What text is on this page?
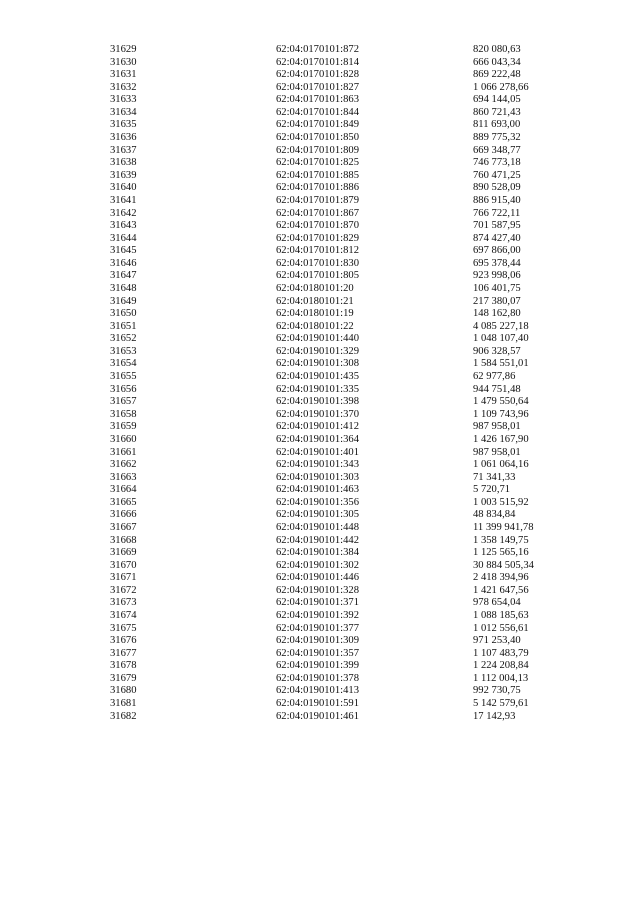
31629	62:04:0170101:872	820 080,63
31630	62:04:0170101:814	666 043,34
31631	62:04:0170101:828	869 222,48
31632	62:04:0170101:827	1 066 278,66
31633	62:04:0170101:863	694 144,05
31634	62:04:0170101:844	860 721,43
31635	62:04:0170101:849	811 693,00
31636	62:04:0170101:850	889 775,32
31637	62:04:0170101:809	669 348,77
31638	62:04:0170101:825	746 773,18
31639	62:04:0170101:885	760 471,25
31640	62:04:0170101:886	890 528,09
31641	62:04:0170101:879	886 915,40
31642	62:04:0170101:867	766 722,11
31643	62:04:0170101:870	701 587,95
31644	62:04:0170101:829	874 427,40
31645	62:04:0170101:812	697 866,00
31646	62:04:0170101:830	695 378,44
31647	62:04:0170101:805	923 998,06
31648	62:04:0180101:20	106 401,75
31649	62:04:0180101:21	217 380,07
31650	62:04:0180101:19	148 162,80
31651	62:04:0180101:22	4 085 227,18
31652	62:04:0190101:440	1 048 107,40
31653	62:04:0190101:329	906 328,57
31654	62:04:0190101:308	1 584 551,01
31655	62:04:0190101:435	62 977,86
31656	62:04:0190101:335	944 751,48
31657	62:04:0190101:398	1 479 550,64
31658	62:04:0190101:370	1 109 743,96
31659	62:04:0190101:412	987 958,01
31660	62:04:0190101:364	1 426 167,90
31661	62:04:0190101:401	987 958,01
31662	62:04:0190101:343	1 061 064,16
31663	62:04:0190101:303	71 341,33
31664	62:04:0190101:463	5 720,71
31665	62:04:0190101:356	1 003 515,92
31666	62:04:0190101:305	48 834,84
31667	62:04:0190101:448	11 399 941,78
31668	62:04:0190101:442	1 358 149,75
31669	62:04:0190101:384	1 125 565,16
31670	62:04:0190101:302	30 884 505,34
31671	62:04:0190101:446	2 418 394,96
31672	62:04:0190101:328	1 421 647,56
31673	62:04:0190101:371	978 654,04
31674	62:04:0190101:392	1 088 185,63
31675	62:04:0190101:377	1 012 556,61
31676	62:04:0190101:309	971 253,40
31677	62:04:0190101:357	1 107 483,79
31678	62:04:0190101:399	1 224 208,84
31679	62:04:0190101:378	1 112 004,13
31680	62:04:0190101:413	992 730,75
31681	62:04:0190101:591	5 142 579,61
31682	62:04:0190101:461	17 142,93
